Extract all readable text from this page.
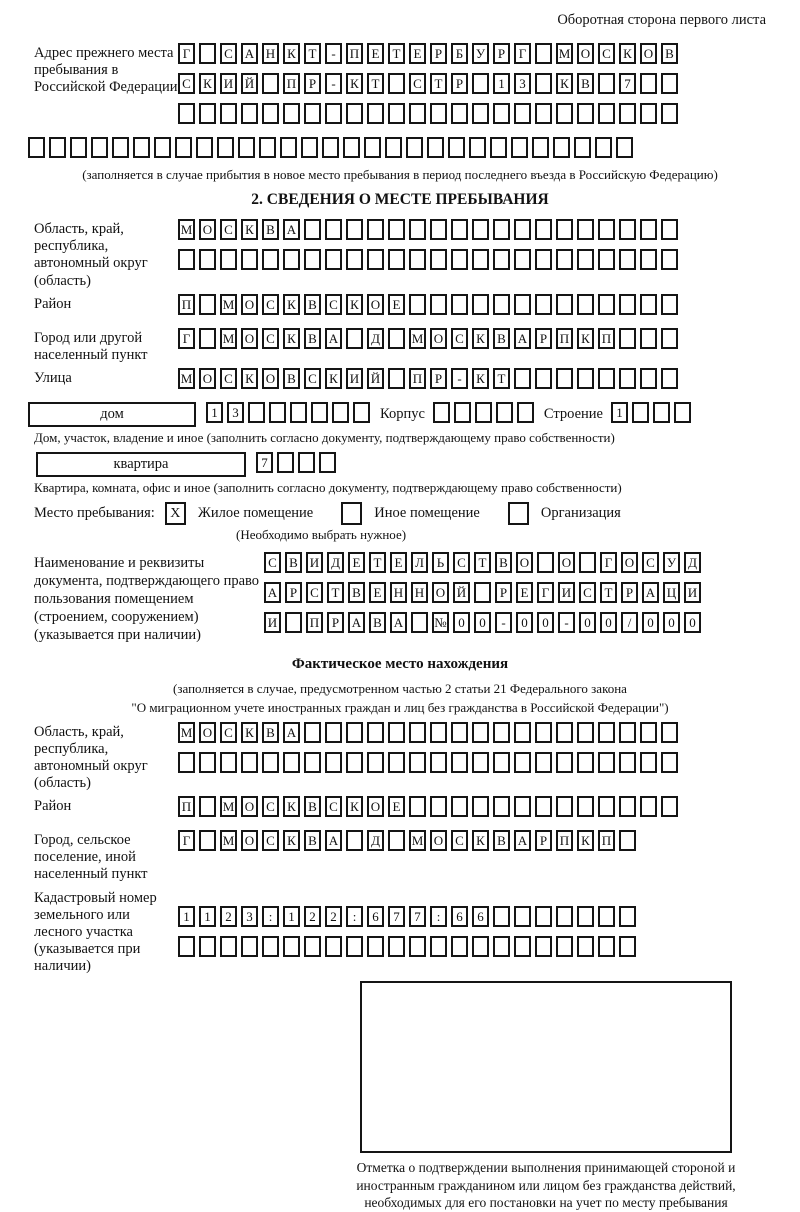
Оборотная сторона первого листа
Адрес прежнего места пребывания в Российской Федерации
Г	С А Н К Т - П Е Т Е Р Б У Р Г М О С К О В
С К И Й	П Р - К Т	С Т Р	1 3	К В	7
(заполняется в случае прибытия в новое место пребывания в период последнего въезда в Российскую Федерацию)
2. СВЕДЕНИЯ О МЕСТЕ ПРЕБЫВАНИЯ
Область, край, республика, автономный округ (область)
М О С К В А
Район	П М О С К В С К О Е
Город или другой населенный пункт
Г М О С К В А	Д М О С К В А Р П К П
Улица	М О С К О В С К И Й	П Р - К Т
дом	1 3	Корпус	Строение	1
Дом, участок, владение и иное (заполнить согласно документу, подтверждающему право собственности)
квартира	7
Квартира, комната, офис и иное (заполнить согласно документу, подтверждающему право собственности)
Место пребывания:	X	Жилое помещение	Иное помещение	Организация
(Необходимо выбрать нужное)
Наименование и реквизиты документа, подтверждающего право пользования помещением (строением, сооружением) (указывается при наличии)
С В И Д Е Т Е Л Ь С Т В О	О	Г О С У Д
А Р С Т В Е Н Н О Й	Р Е Г И С Т Р А Ц И
И	П Р А В А № 0 0 - 0 0 - 0 0 / 0 0 0
Фактическое место нахождения
(заполняется в случае, предусмотренном частью 2 статьи 21 Федерального закона
"О миграционном учете иностранных граждан и лиц без гражданства в Российской Федерации")
Область, край, республика, автономный округ (область)
М О С К В А
Район	П М О С К В С К О Е
Город, сельское поселение, иной населенный пункт
Г М О С К В А	Д М О С К В А Р П К П
Кадастровый номер земельного или лесного участка (указывается при наличии)
1 1 2 3 : 1 2 2 : 6 7 7 : 6 6
Отметка о подтверждении выполнения принимающей стороной и иностранным гражданином или лицом без гражданства действий, необходимых для его постановки на учет по месту пребывания
